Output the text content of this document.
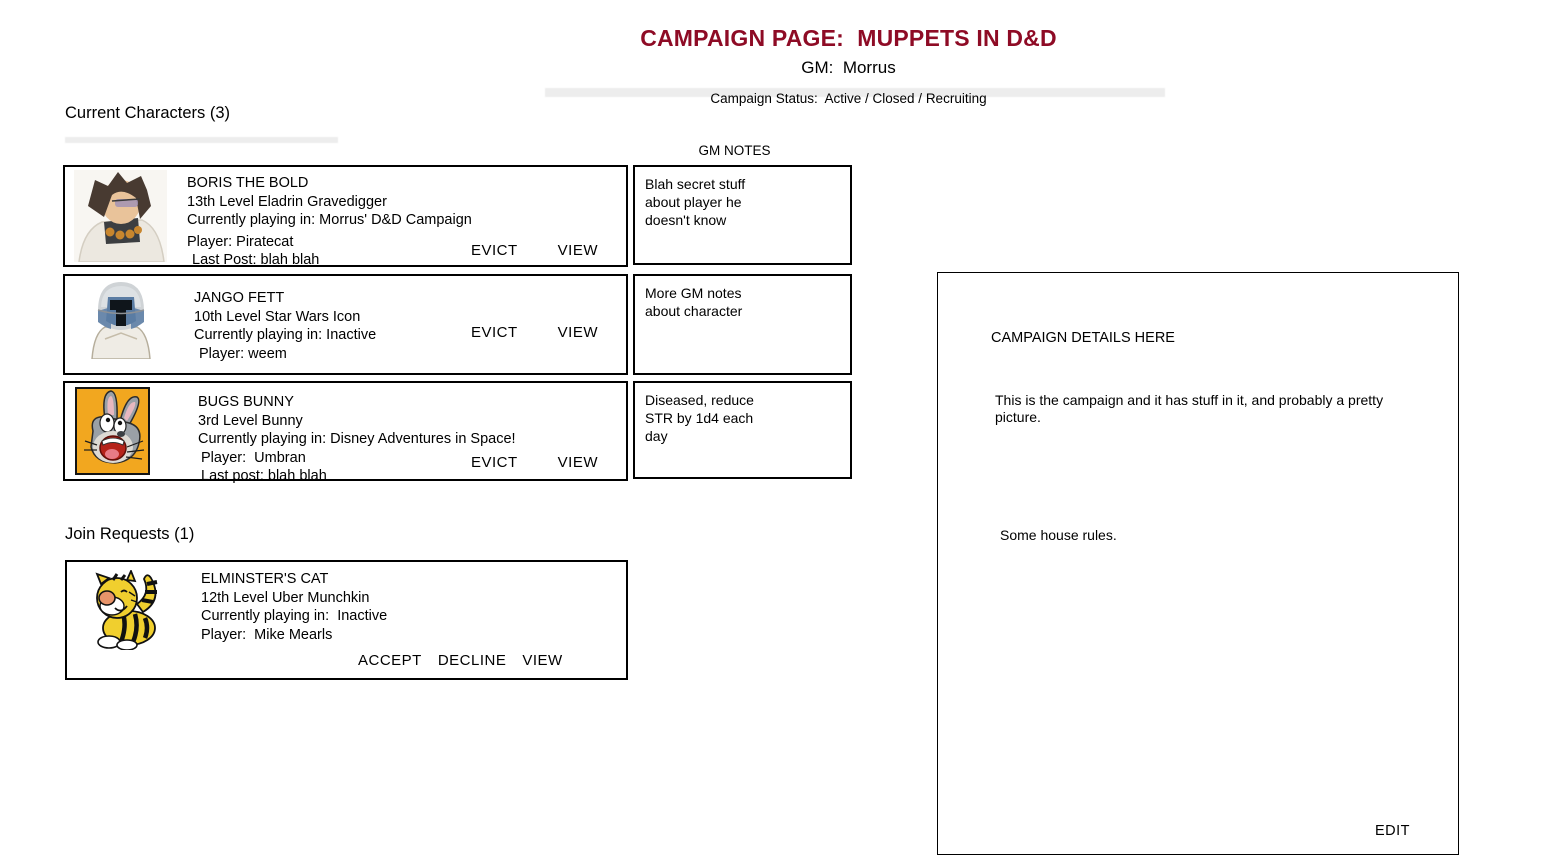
CAMPAIGN PAGE:  MUPPETS IN D&D
GM:  Morrus
Campaign Status:  Active / Closed / Recruiting
Current Characters (3)
GM NOTES
BORIS THE BOLD
13th Level Eladrin Gravedigger
Currently playing in: Morrus' D&D Campaign
Player: Piratecat
Last Post: blah blah
EVICT	VIEW
Blah secret stuff about player he doesn't know
JANGO FETT
10th Level Star Wars Icon
Currently playing in: Inactive
Player: weem
EVICT	VIEW
More GM notes about character
BUGS BUNNY
3rd Level Bunny
Currently playing in: Disney Adventures in Space!
Player:  Umbran
Last post: blah blah
EVICT	VIEW
Diseased, reduce STR by 1d4 each day
Join Requests (1)
ELMINSTER'S CAT
12th Level Uber Munchkin
Currently playing in:  Inactive
Player:  Mike Mearls
ACCEPT DECLINE VIEW
CAMPAIGN DETAILS HERE
This is the campaign and it has stuff in it, and probably a pretty picture.
Some house rules.
EDIT
